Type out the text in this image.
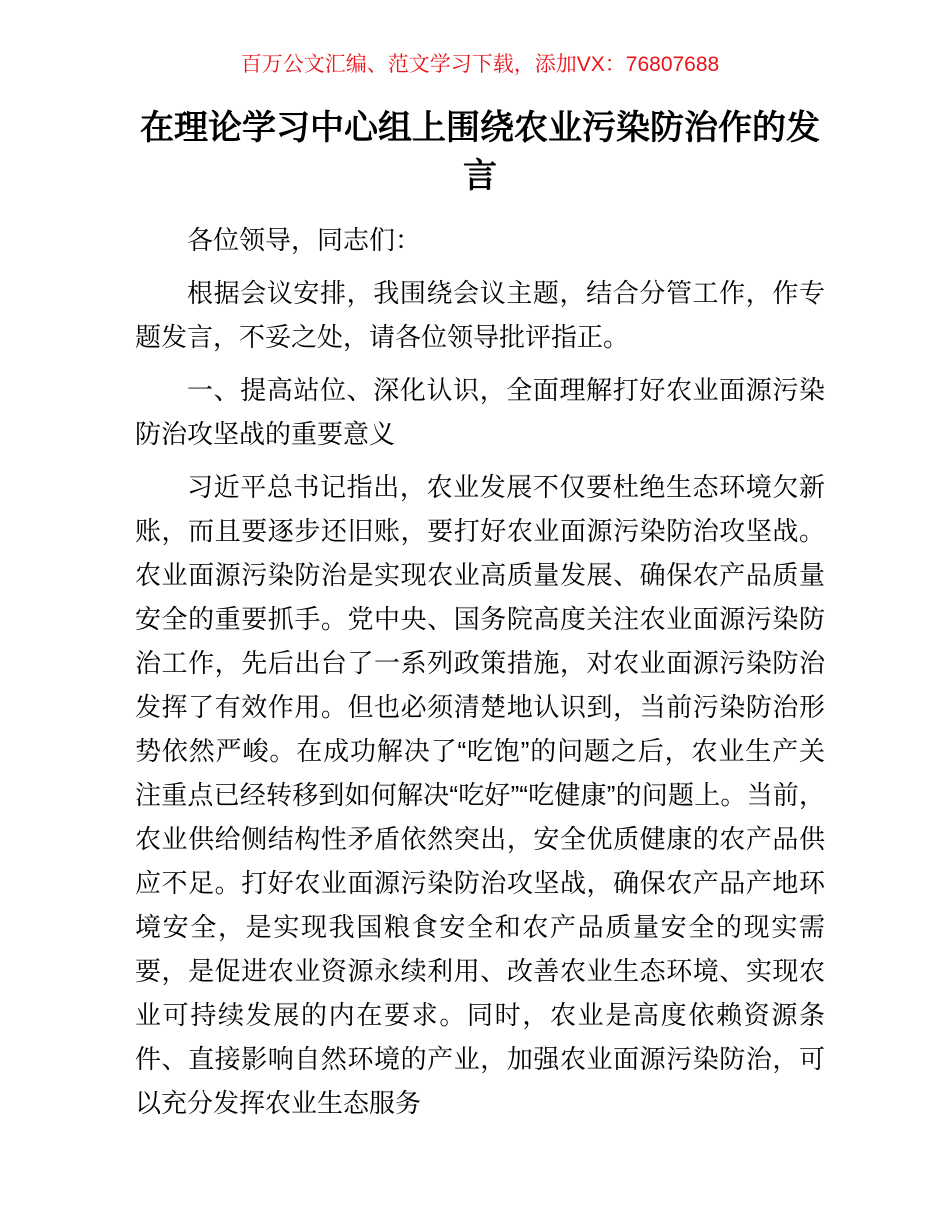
百万公文汇编、范文学习下载，添加VX：76807688
在理论学习中心组上围绕农业污染防治作的发言

各位领导，同志们：

根据会议安排，我围绕会议主题，结合分管工作，作专题发言，不妥之处，请各位领导批评指正。

一、提高站位、深化认识，全面理解打好农业面源污染防治攻坚战的重要意义

习近平总书记指出，农业发展不仅要杜绝生态环境欠新账，而且要逐步还旧账，要打好农业面源污染防治攻坚战。农业面源污染防治是实现农业高质量发展、确保农产品质量安全的重要抓手。党中央、国务院高度关注农业面源污染防治工作，先后出台了一系列政策措施，对农业面源污染防治发挥了有效作用。但也必须清楚地认识到，当前污染防治形势依然严峻。在成功解决了“吃饱”的问题之后，农业生产关注重点已经转移到如何解决“吃好”“吃健康”的问题上。当前，农业供给侧结构性矛盾依然突出，安全优质健康的农产品供应不足。打好农业面源污染防治攻坚战，确保农产品产地环境安全，是实现我国粮食安全和农产品质量安全的现实需要，是促进农业资源永续利用、改善农业生态环境、实现农业可持续发展的内在要求。同时，农业是高度依赖资源条件、直接影响自然环境的产业，加强农业面源污染防治，可以充分发挥农业生态服务
